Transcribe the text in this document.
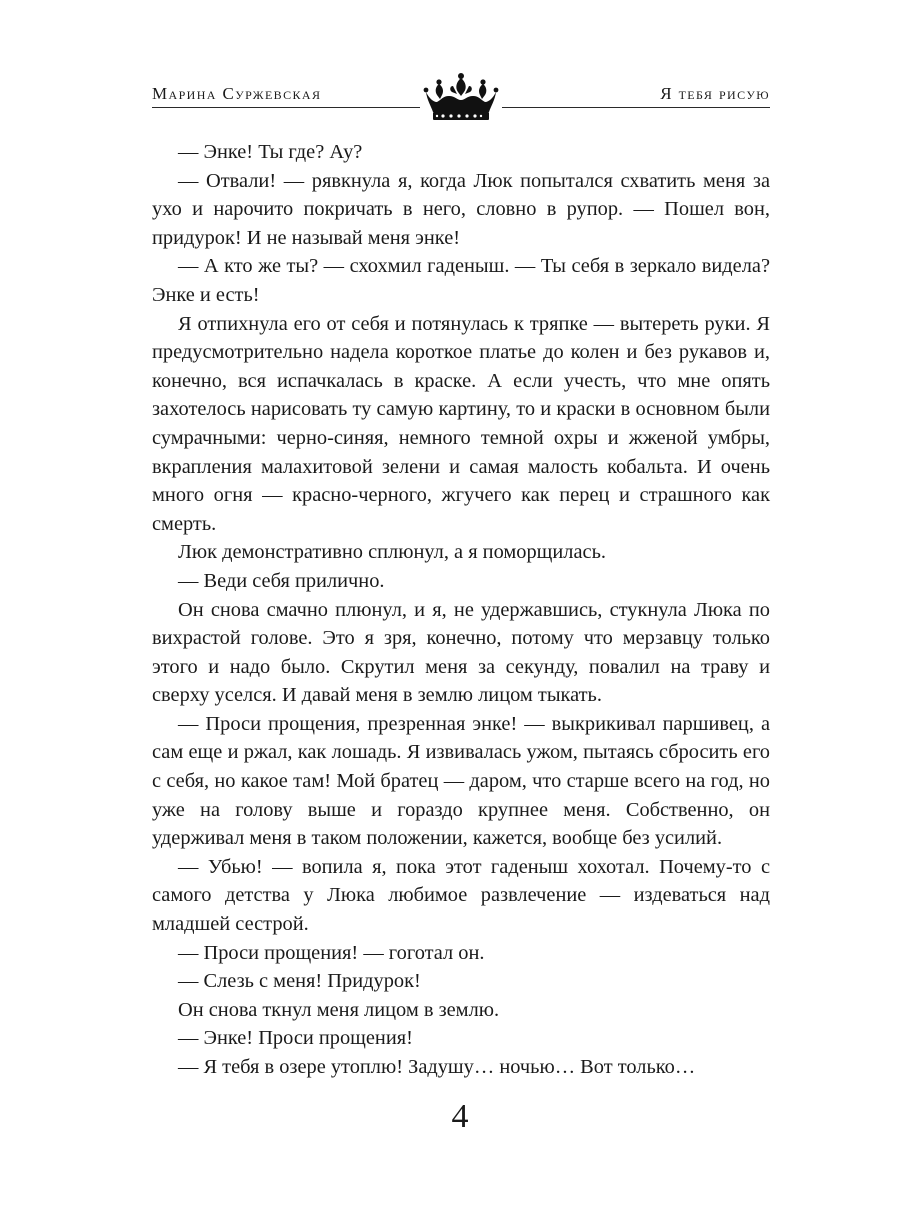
Марина Суржевская	Я тебя рисую

— Энке! Ты где? Ау?

— Отвали! — рявкнула я, когда Люк попытался схватить меня за ухо и нарочито покричать в него, словно в рупор. — Пошел вон, придурок! И не называй меня энке!

— А кто же ты? — схохмил гаденыш. — Ты себя в зеркало видела? Энке и есть!

Я отпихнула его от себя и потянулась к тряпке — вытереть руки. Я предусмотрительно надела короткое платье до колен и без рукавов и, конечно, вся испачкалась в краске. А если учесть, что мне опять захотелось нарисовать ту самую картину, то и краски в основном были сумрачными: черно-синяя, немного темной охры и жженой умбры, вкрапления малахитовой зелени и самая малость кобальта. И очень много огня — красно-черного, жгучего как перец и страшного как смерть.

Люк демонстративно сплюнул, а я поморщилась.

— Веди себя прилично.

Он снова смачно плюнул, и я, не удержавшись, стукнула Люка по вихрастой голове. Это я зря, конечно, потому что мерзавцу только этого и надо было. Скрутил меня за секунду, повалил на траву и сверху уселся. И давай меня в землю лицом тыкать.

— Проси прощения, презренная энке! — выкрикивал паршивец, а сам еще и ржал, как лошадь. Я извивалась ужом, пытаясь сбросить его с себя, но какое там! Мой братец — даром, что старше всего на год, но уже на голову выше и гораздо крупнее меня. Собственно, он удерживал меня в таком положении, кажется, вообще без усилий.

— Убью! — вопила я, пока этот гаденыш хохотал. Почему-то с самого детства у Люка любимое развлечение — издеваться над младшей сестрой.

— Проси прощения! — гоготал он.

— Слезь с меня! Придурок!

Он снова ткнул меня лицом в землю.

— Энке! Проси прощения!

— Я тебя в озере утоплю! Задушу… ночью… Вот только…

4
